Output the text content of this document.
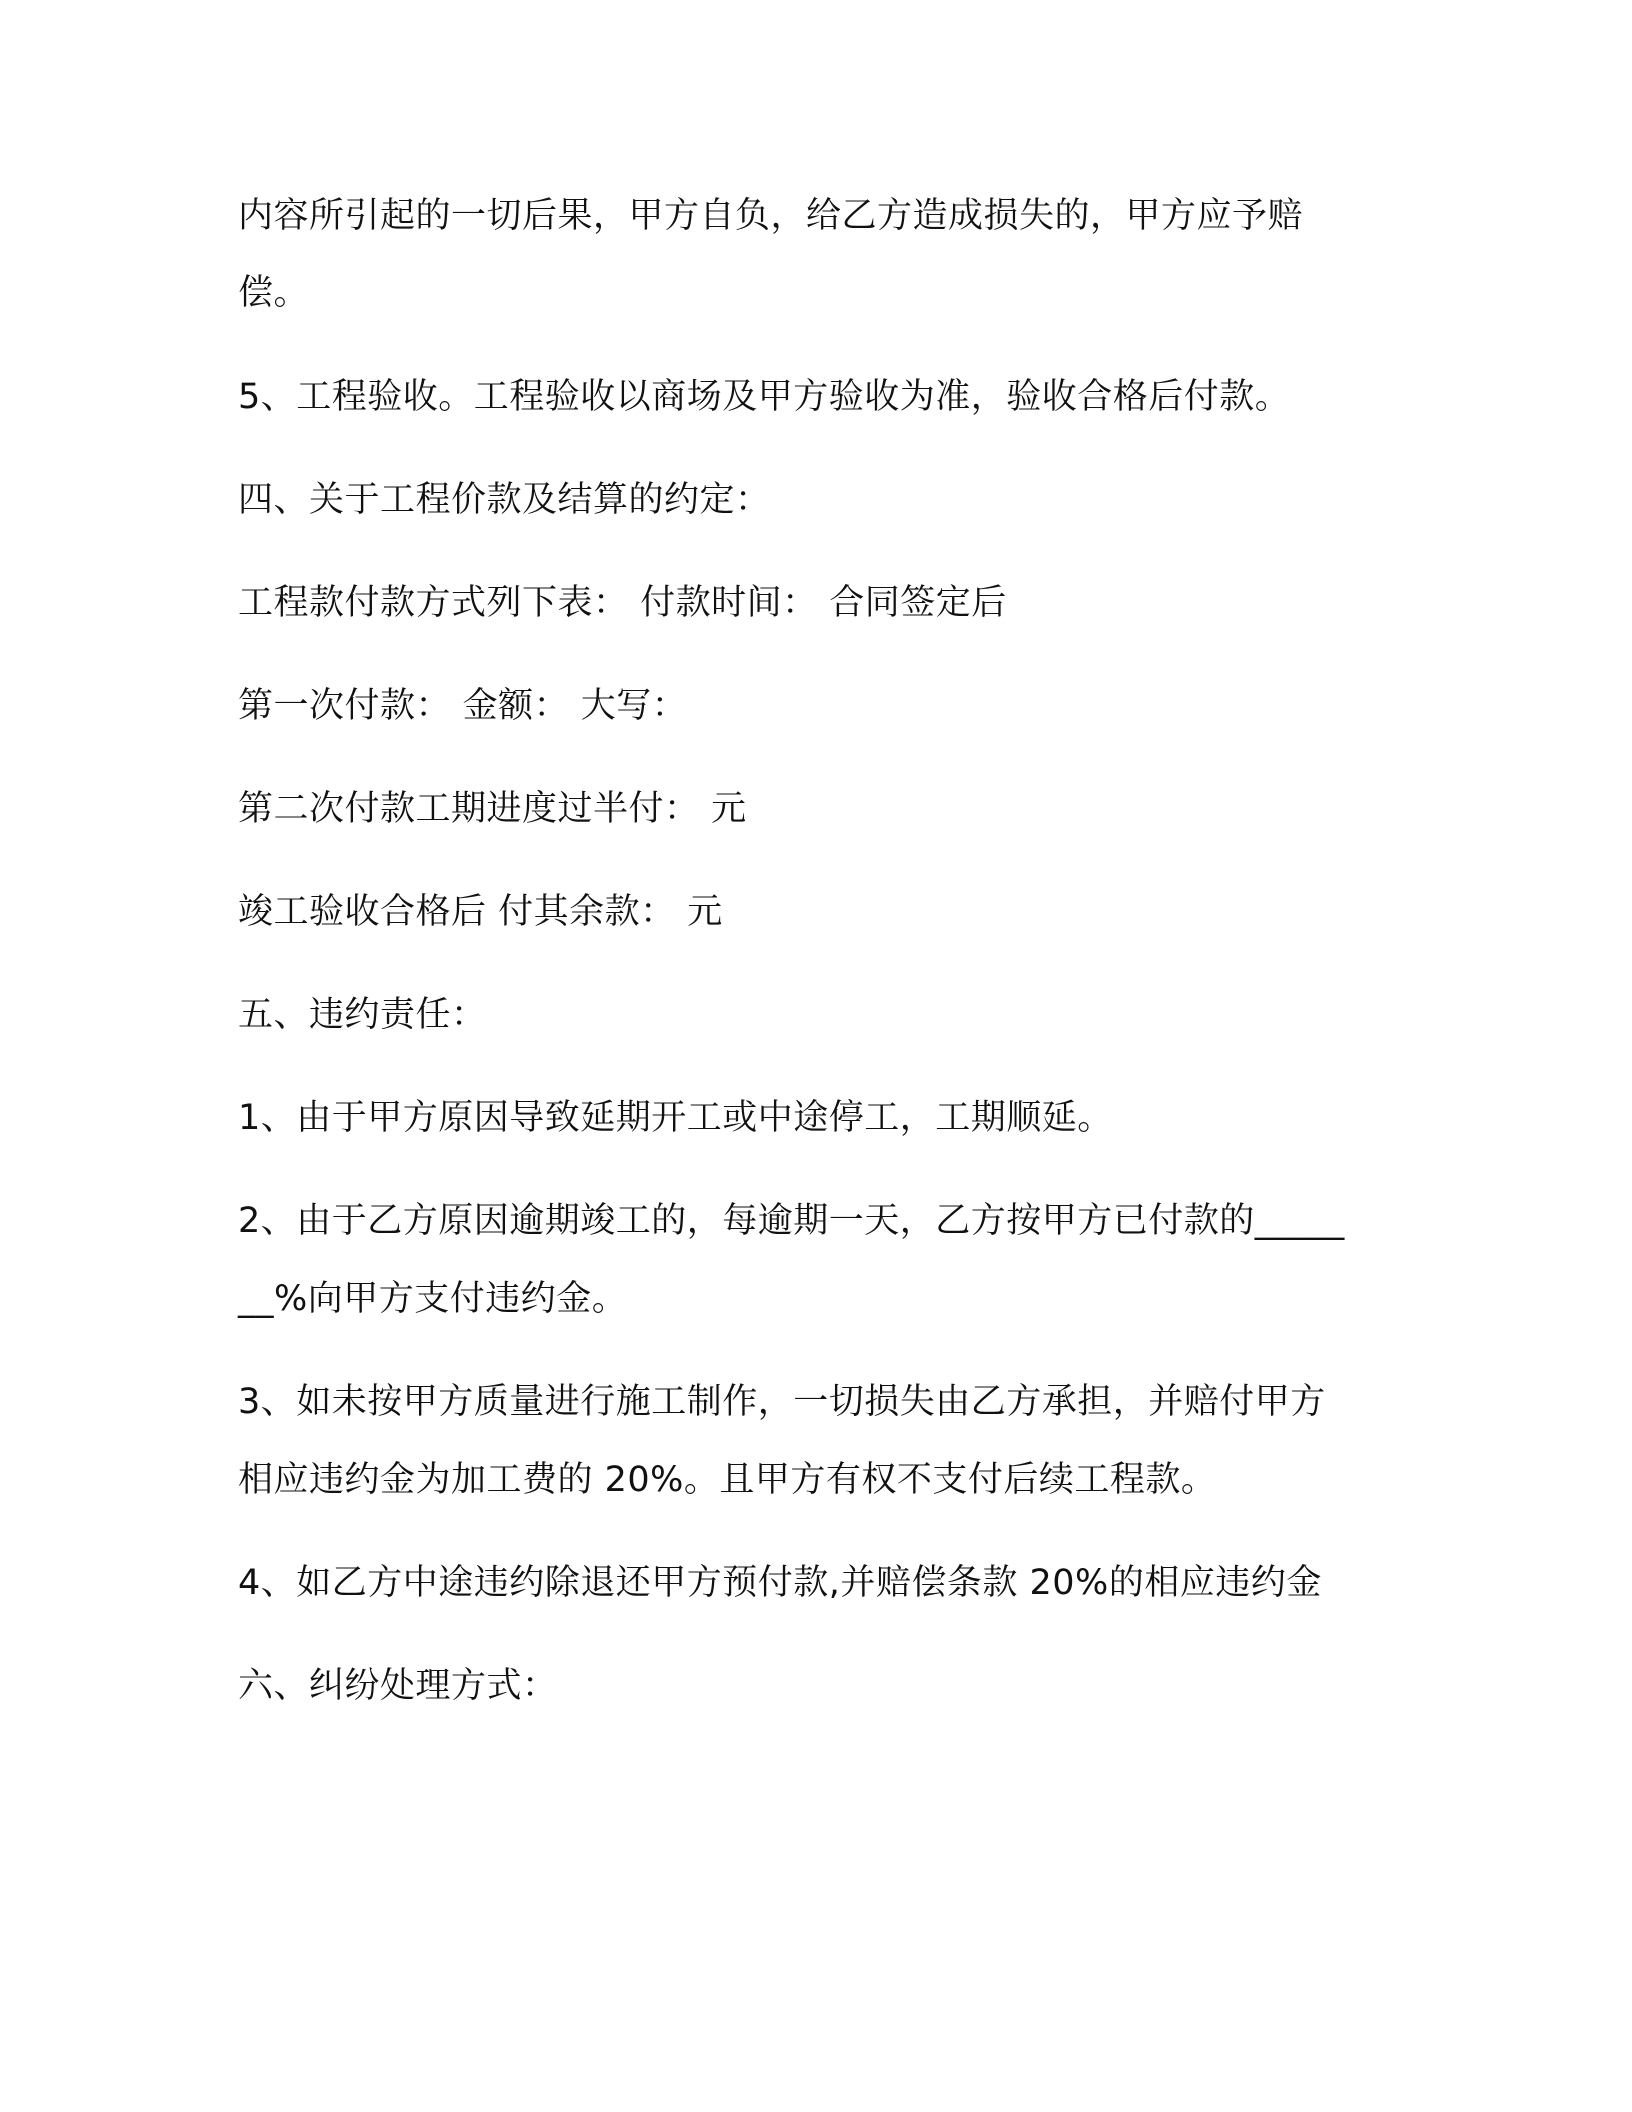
内容所引起的一切后果，甲方自负，给乙方造成损失的，甲方应予赔

偿。

5、工程验收。工程验收以商场及甲方验收为准，验收合格后付款。

四、关于工程价款及结算的约定：

工程款付款方式列下表： 付款时间： 合同签定后

第一次付款： 金额： 大写：

第二次付款工期进度过半付： 元

竣工验收合格后 付其余款： 元

五、违约责任：

1、由于甲方原因导致延期开工或中途停工，工期顺延。

2、由于乙方原因逾期竣工的，每逾期一天，乙方按甲方已付款的_____

__%向甲方支付违约金。

3、如未按甲方质量进行施工制作，一切损失由乙方承担，并赔付甲方

相应违约金为加工费的 20%。且甲方有权不支付后续工程款。

4、如乙方中途违约除退还甲方预付款,并赔偿条款 20%的相应违约金

六、纠纷处理方式：
